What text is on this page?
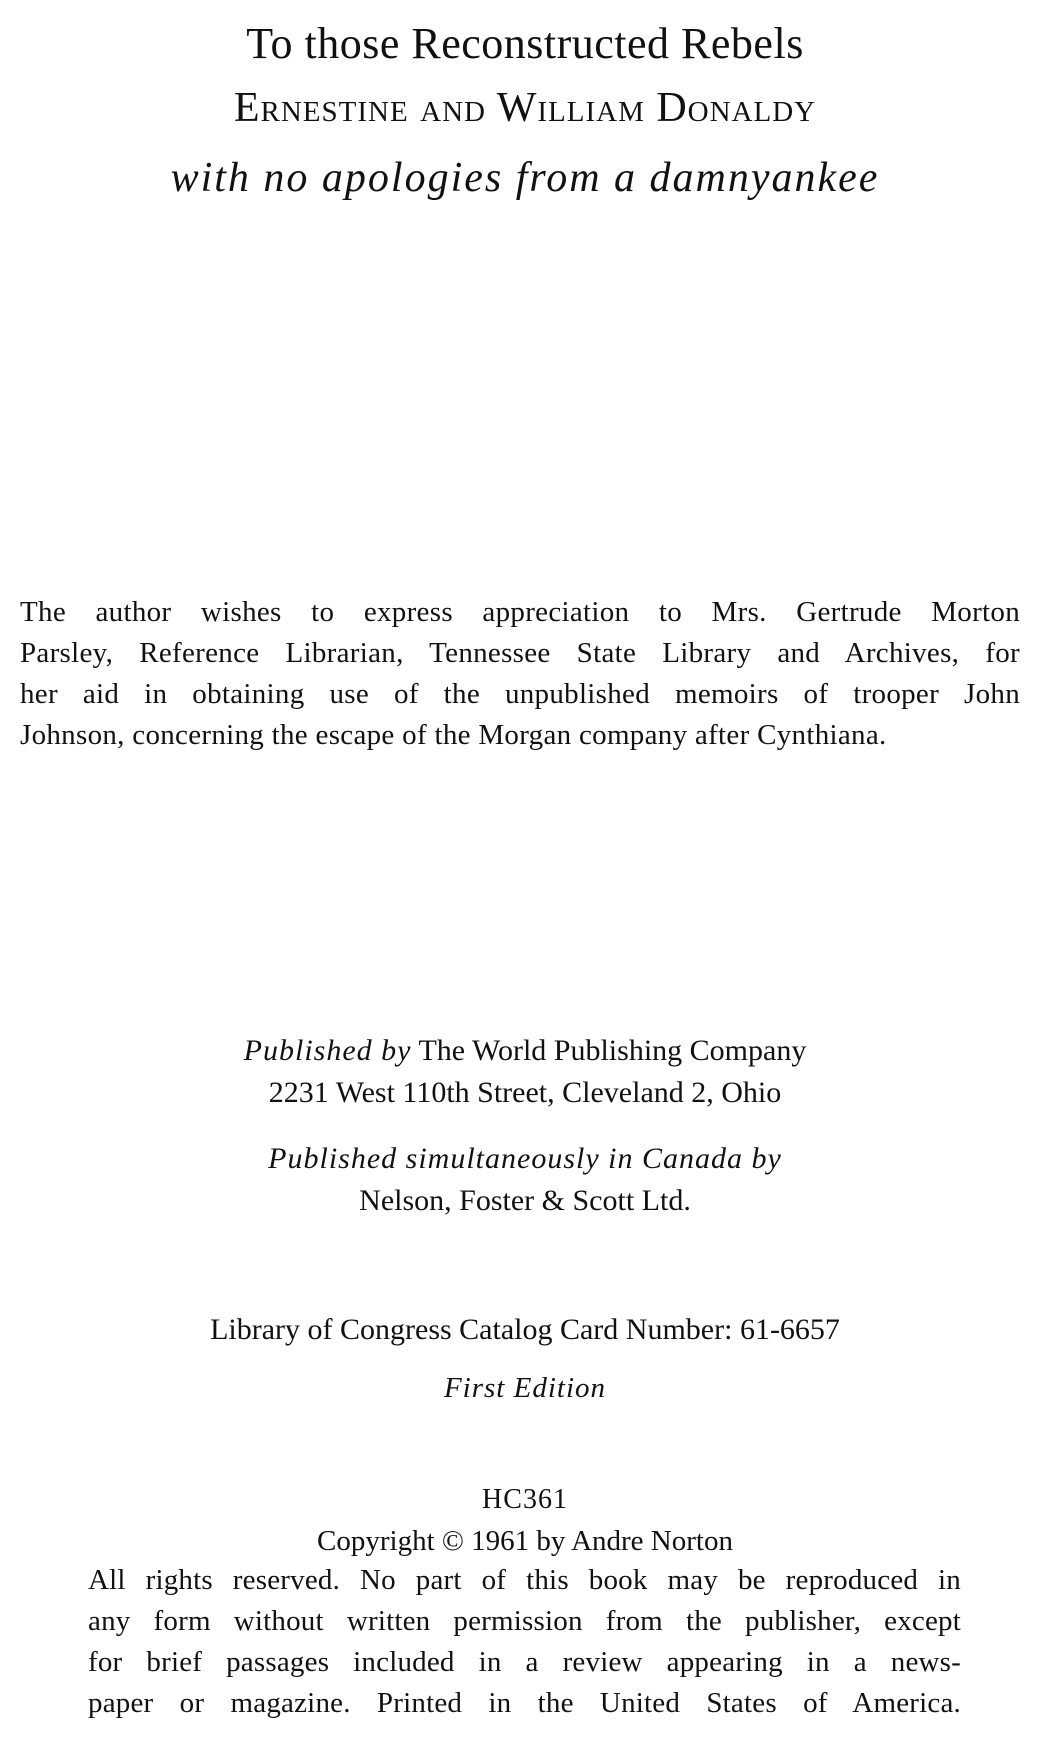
To those Reconstructed Rebels
Ernestine and William Donaldy
with no apologies from a damnyankee
The author wishes to express appreciation to Mrs. Gertrude Morton
Parsley, Reference Librarian, Tennessee State Library and Archives, for
her aid in obtaining use of the unpublished memoirs of trooper John
Johnson, concerning the escape of the Morgan company after Cynthiana.
Published by The World Publishing Company
2231 West 110th Street, Cleveland 2, Ohio
Published simultaneously in Canada by
Nelson, Foster & Scott Ltd.
Library of Congress Catalog Card Number: 61-6657
First Edition
HC361
Copyright © 1961 by Andre Norton
All rights reserved. No part of this book may be reproduced in
any form without written permission from the publisher, except
for brief passages included in a review appearing in a news-
paper or magazine. Printed in the United States of America.
